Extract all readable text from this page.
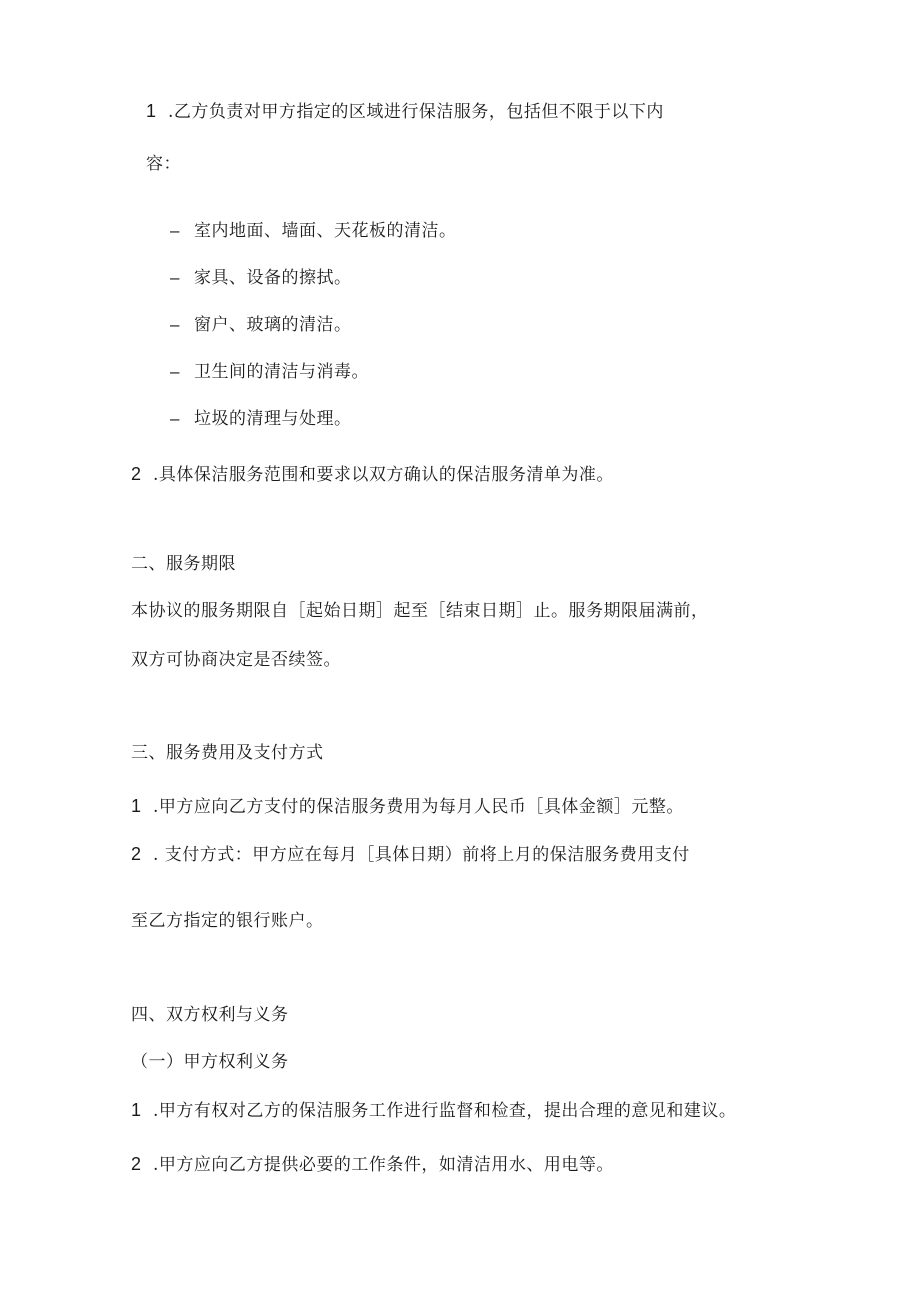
1 .乙方负责对甲方指定的区域进行保洁服务，包括但不限于以下内
容：
– 室内地面、墙面、天花板的清洁。
– 家具、设备的擦拭。
– 窗户、玻璃的清洁。
– 卫生间的清洁与消毒。
– 垃圾的清理与处理。
2 .具体保洁服务范围和要求以双方确认的保洁服务清单为准。
二、服务期限
本协议的服务期限自［起始日期］起至［结束日期］止。服务期限届满前，
双方可协商决定是否续签。
三、服务费用及支付方式
1 .甲方应向乙方支付的保洁服务费用为每月人民币［具体金额］元整。
2 . 支付方式：甲方应在每月［具体日期）前将上月的保洁服务费用支付
至乙方指定的银行账户。
四、双方权利与义务
（一）甲方权利义务
1 .甲方有权对乙方的保洁服务工作进行监督和检查，提出合理的意见和建议。
2 .甲方应向乙方提供必要的工作条件，如清洁用水、用电等。
